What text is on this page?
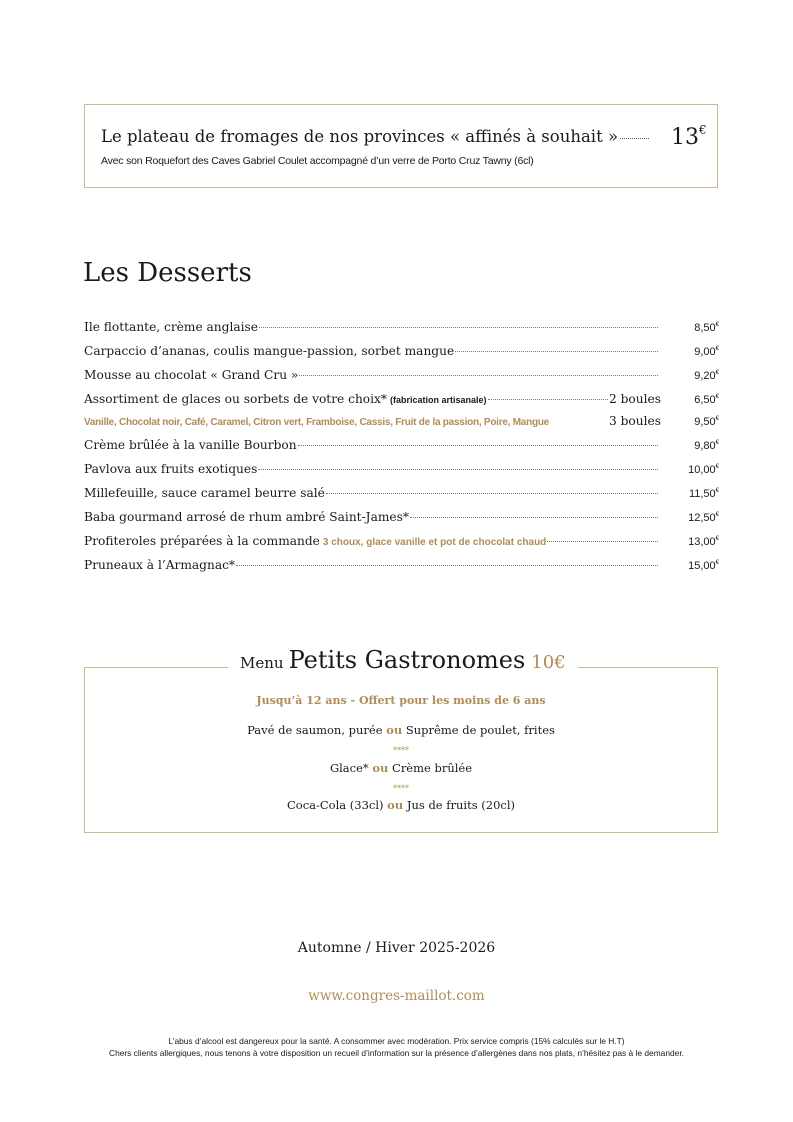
Le plateau de fromages de nos provinces « affinés à souhait » 13€
Avec son Roquefort des Caves Gabriel Coulet accompagné d’un verre de Porto Cruz Tawny (6cl)
Les Desserts
Ile flottante, crème anglaise	8,50€
Carpaccio d’ananas, coulis mangue-passion, sorbet mangue	9,00€
Mousse au chocolat « Grand Cru »	9,20€
Assortiment de glaces ou sorbets de votre choix* (fabrication artisanale)	2 boules	6,50€
Vanille, Chocolat noir, Café, Caramel, Citron vert, Framboise, Cassis, Fruit de la passion, Poire, Mangue	3 boules	9,50€
Crème brûlée à la vanille Bourbon	9,80€
Pavlova aux fruits exotiques	10,00€
Millefeuille, sauce caramel beurre salé	11,50€
Baba gourmand arrosé de rhum ambré Saint-James*	12,50€
Profiteroles préparées à la commande 3 choux, glace vanille et pot de chocolat chaud	13,00€
Pruneaux à l’Armagnac*	15,00€
Menu Petits Gastronomes 10€
Jusqu’à 12 ans - Offert pour les moins de 6 ans
Pavé de saumon, purée ou Suprême de poulet, frites
****
Glace* ou Crème brûlée
****
Coca-Cola (33cl) ou Jus de fruits (20cl)
Automne / Hiver 2025-2026
www.congres-maillot.com
L’abus d’alcool est dangereux pour la santé. A consommer avec modération. Prix service compris (15% calculés sur le H.T)
Chers clients allergiques, nous tenons à votre disposition un recueil d’information sur la présence d’allergènes dans nos plats, n’hésitez pas à le demander.
